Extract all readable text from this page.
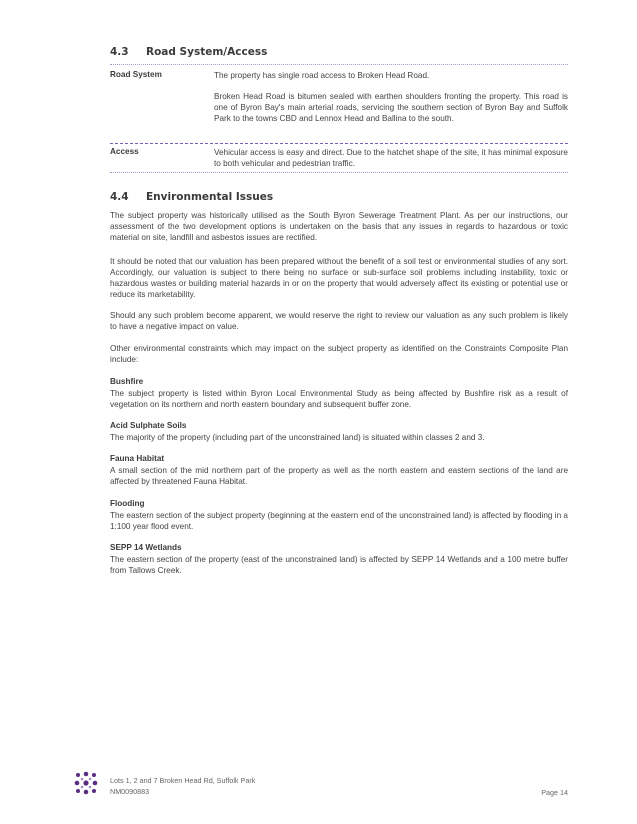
4.3 Road System/Access
Road System	The property has single road access to Broken Head Road.
Broken Head Road is bitumen sealed with earthen shoulders fronting the property. This road is one of Byron Bay's main arterial roads, servicing the southern section of Byron Bay and Suffolk Park to the towns CBD and Lennox Head and Ballina to the south.
Access	Vehicular access is easy and direct. Due to the hatchet shape of the site, it has minimal exposure to both vehicular and pedestrian traffic.
4.4 Environmental Issues
The subject property was historically utilised as the South Byron Sewerage Treatment Plant. As per our instructions, our assessment of the two development options is undertaken on the basis that any issues in regards to hazardous or toxic material on site, landfill and asbestos issues are rectified.
It should be noted that our valuation has been prepared without the benefit of a soil test or environmental studies of any sort. Accordingly, our valuation is subject to there being no surface or sub-surface soil problems including instability, toxic or hazardous wastes or building material hazards in or on the property that would adversely affect its existing or potential use or reduce its marketability.
Should any such problem become apparent, we would reserve the right to review our valuation as any such problem is likely to have a negative impact on value.
Other environmental constraints which may impact on the subject property as identified on the Constraints Composite Plan include:
Bushfire
The subject property is listed within Byron Local Environmental Study as being affected by Bushfire risk as a result of vegetation on its northern and north eastern boundary and subsequent buffer zone.
Acid Sulphate Soils
The majority of the property (including part of the unconstrained land) is situated within classes 2 and 3.
Fauna Habitat
A small section of the mid northern part of the property as well as the north eastern and eastern sections of the land are affected by threatened Fauna Habitat.
Flooding
The eastern section of the subject property (beginning at the eastern end of the unconstrained land) is affected by flooding in a 1:100 year flood event.
SEPP 14 Wetlands
The eastern section of the property (east of the unconstrained land) is affected by SEPP 14 Wetlands and a 100 metre buffer from Tallows Creek.
Lots 1, 2 and 7 Broken Head Rd, Suffolk Park
NM0090883	Page 14
